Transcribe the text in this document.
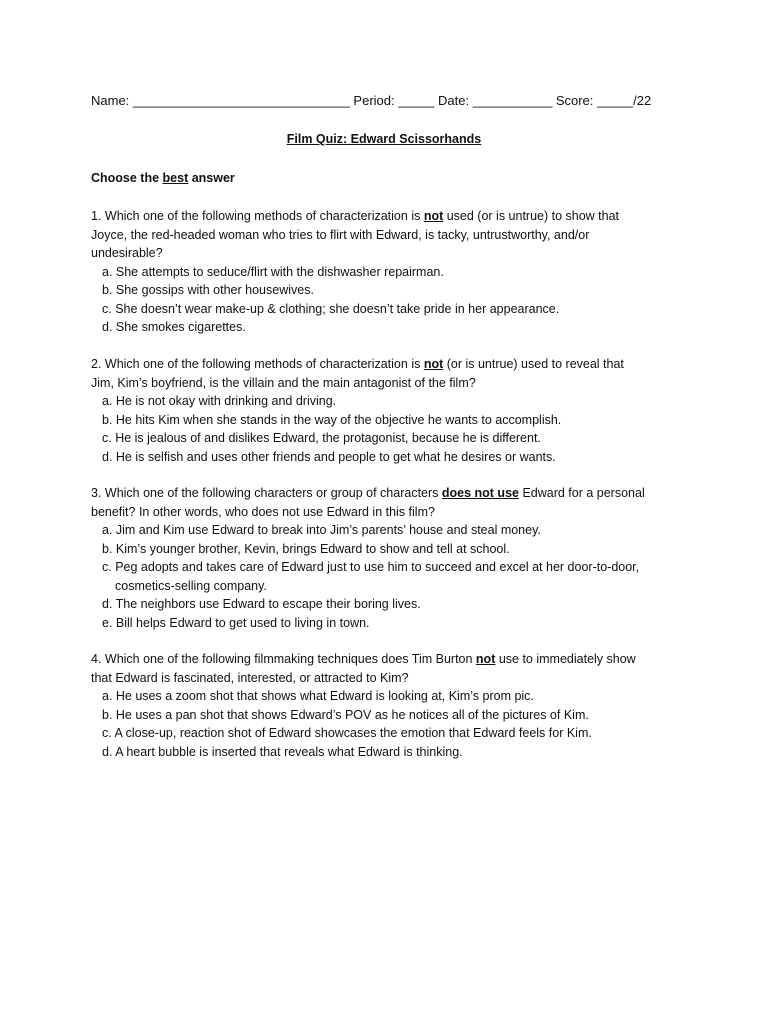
Name: ______________________________ Period: _____ Date: ___________ Score: _____/22
Film Quiz: Edward Scissorhands
Choose the best answer

1. Which one of the following methods of characterization is not used (or is untrue) to show that
Joyce, the red-headed woman who tries to flirt with Edward, is tacky, untrustworthy, and/or
undesirable?

a. She attempts to seduce/flirt with the dishwasher repairman.
b. She gossips with other housewives.
c. She doesn’t wear make-up & clothing; she doesn’t take pride in her appearance.
d. She smokes cigarettes.

2. Which one of the following methods of characterization is not (or is untrue) used to reveal that
Jim, Kim’s boyfriend, is the villain and the main antagonist of the film?

a. He is not okay with drinking and driving.
b. He hits Kim when she stands in the way of the objective he wants to accomplish.
c. He is jealous of and dislikes Edward, the protagonist, because he is different.
d. He is selfish and uses other friends and people to get what he desires or wants.

3. Which one of the following characters or group of characters does not use Edward for a personal
benefit? In other words, who does not use Edward in this film?

a. Jim and Kim use Edward to break into Jim’s parents’ house and steal money.
b. Kim’s younger brother, Kevin, brings Edward to show and tell at school.
c. Peg adopts and takes care of Edward just to use him to succeed and excel at her door-to-door,
cosmetics-selling company.
d. The neighbors use Edward to escape their boring lives.
e. Bill helps Edward to get used to living in town.

4. Which one of the following filmmaking techniques does Tim Burton not use to immediately show
that Edward is fascinated, interested, or attracted to Kim?

a. He uses a zoom shot that shows what Edward is looking at, Kim’s prom pic.
b. He uses a pan shot that shows Edward’s POV as he notices all of the pictures of Kim.
c. A close-up, reaction shot of Edward showcases the emotion that Edward feels for Kim.
d. A heart bubble is inserted that reveals what Edward is thinking.
